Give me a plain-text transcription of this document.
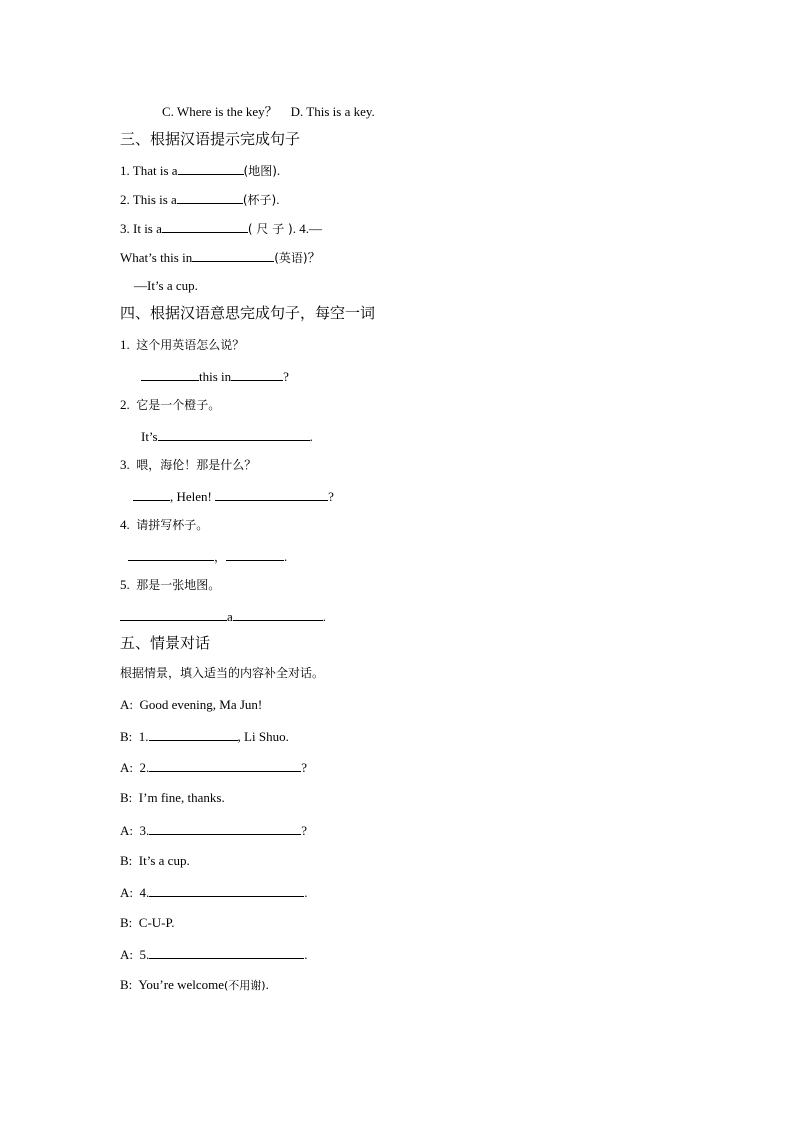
C. Where is the key？    D. This is a key.
三、根据汉语提示完成句子
1. That is a	(地图).
2. This is a	(杯子).
3. It is a	( 尺 子 ). 4.—
What’s this in	(英语)？
—It’s a cup.
四、根据汉语意思完成句子，每空一词
1. 这个用英语怎么说？
this in	?
2. 它是一个橙子。
It’s	.
3. 喂，海伦！那是什么？
, Helen!	?
4. 请拼写杯子。
，	.
5. 那是一张地图。
a	.
五、情景对话
根据情景，填入适当的内容补全对话。
A: Good evening, Ma Jun!
B: 1.	, Li Shuo.
A: 2.	?
B: I’m fine, thanks.
A: 3.	?
B: It’s a cup.
A: 4.	.
B: C-U-P.
A: 5.	.
B: You’re welcome(不用谢).
